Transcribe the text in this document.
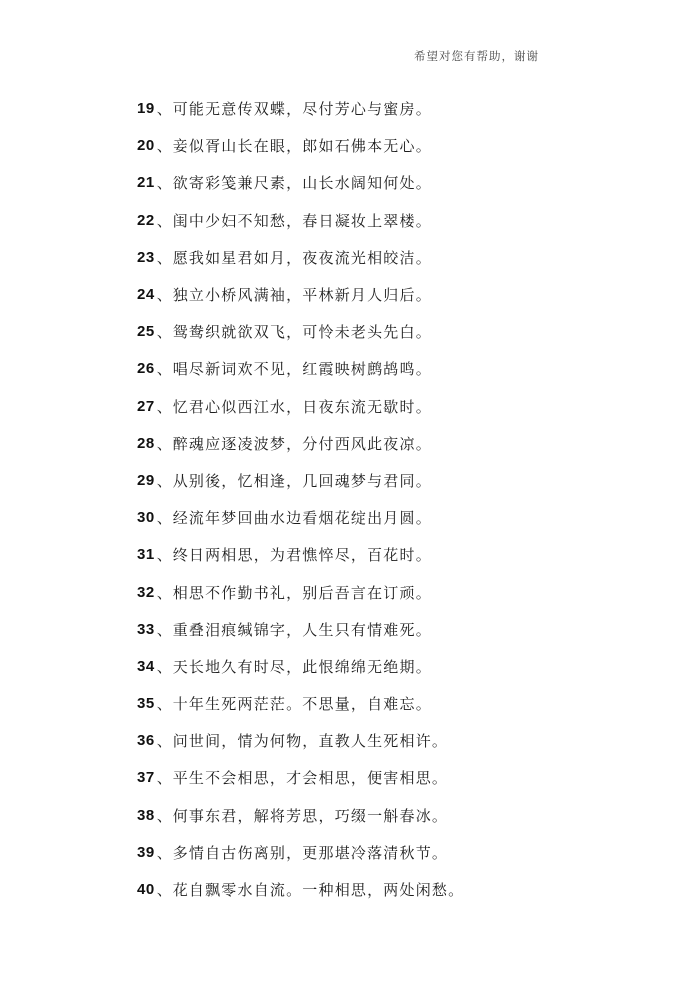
希望对您有帮助，谢谢
19 、 可能无意传双蝶，尽付芳心与蜜房。
20 、 妾似胥山长在眼，郎如石佛本无心。
21 、 欲寄彩笺兼尺素，山长水阔知何处。
22 、 闺中少妇不知愁，春日凝妆上翠楼。
23 、 愿我如星君如月，夜夜流光相皎洁。
24 、 独立小桥风满袖，平林新月人归后。
25 、 鸳鸯织就欲双飞，可怜未老头先白。
26 、 唱尽新词欢不见，红霞映树鹧鸪鸣。
27 、 忆君心似西江水，日夜东流无歇时。
28 、 醉魂应逐凌波梦，分付西风此夜凉。
29 、 从别後，忆相逢，几回魂梦与君同。
30 、 经流年梦回曲水边看烟花绽出月圆。
31 、 终日两相思，为君憔悴尽，百花时。
32 、 相思不作勤书礼，别后吾言在订顽。
33 、 重叠泪痕缄锦字，人生只有情难死。
34 、 天长地久有时尽，此恨绵绵无绝期。
35 、 十年生死两茫茫。不思量，自难忘。
36 、 问世间，情为何物，直教人生死相许。
37 、 平生不会相思，才会相思，便害相思。
38 、 何事东君，解将芳思，巧缀一斛春冰。
39 、 多情自古伤离别，更那堪冷落清秋节。
40 、 花自飘零水自流。一种相思，两处闲愁。
